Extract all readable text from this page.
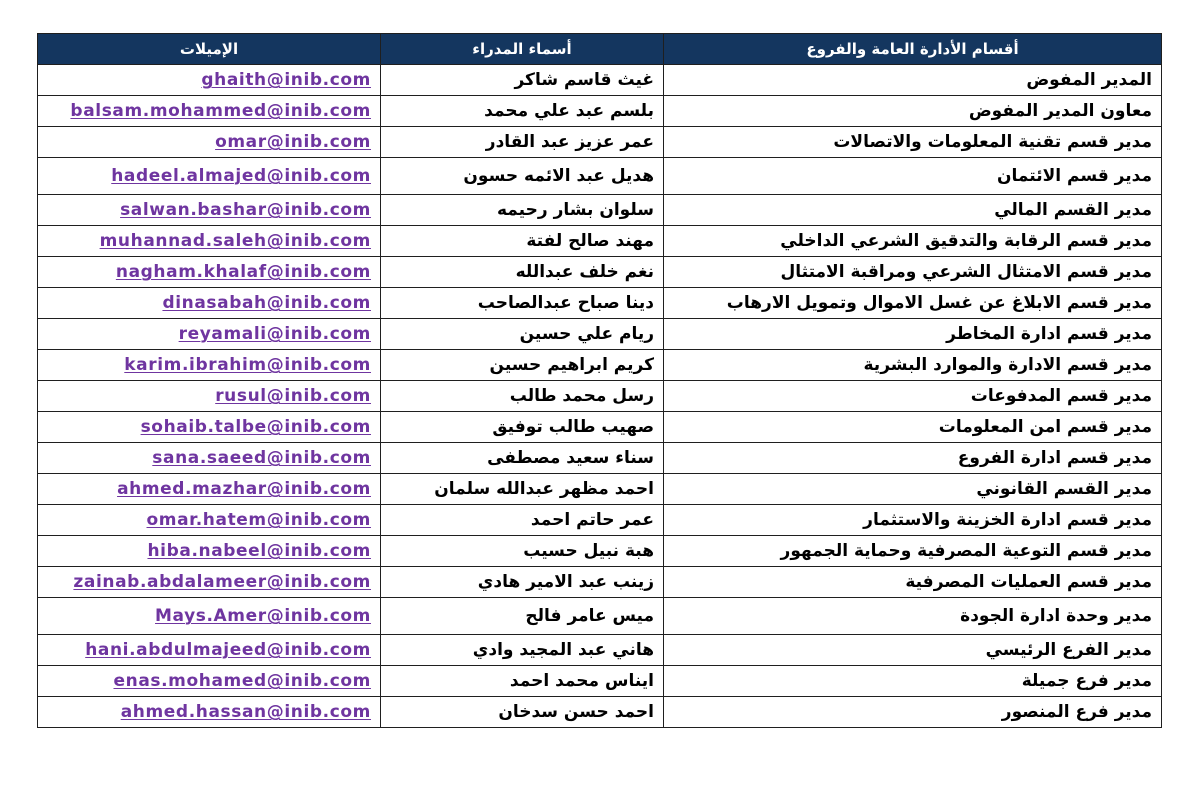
الإميلات	أسماء المدراء	أقسام الأدارة العامة والفروع
ghaith@inib.com	غيث قاسم شاكر	المدير المفوض
balsam.mohammed@inib.com	بلسم عبد علي محمد	معاون المدير المفوض
omar@inib.com	عمر عزيز عبد القادر	مدير قسم تقنية المعلومات والاتصالات
hadeel.almajed@inib.com	هديل عبد الائمه حسون	مدير قسم الائتمان
salwan.bashar@inib.com	سلوان بشار رحيمه	مدير القسم المالي
muhannad.saleh@inib.com	مهند صالح لفتة	مدير قسم الرقابة والتدقيق الشرعي الداخلي
nagham.khalaf@inib.com	نغم خلف عبدالله	مدير قسم الامتثال الشرعي ومراقبة الامتثال
dinasabah@inib.com	دينا صباح عبدالصاحب	مدير قسم الابلاغ عن غسل الاموال وتمويل الارهاب
reyamali@inib.com	ريام علي حسين	مدير قسم ادارة المخاطر
karim.ibrahim@inib.com	كريم ابراهيم حسين	مدير قسم الادارة والموارد البشرية
rusul@inib.com	رسل محمد طالب	مدير قسم المدفوعات
sohaib.talbe@inib.com	صهيب طالب توفيق	مدير قسم امن المعلومات
sana.saeed@inib.com	سناء سعيد مصطفى	مدير قسم ادارة الفروع
ahmed.mazhar@inib.com	احمد مظهر عبدالله سلمان	مدير القسم القانوني
omar.hatem@inib.com	عمر حاتم احمد	مدير قسم ادارة الخزينة والاستثمار
hiba.nabeel@inib.com	هبة نبيل حسيب	مدير قسم التوعية المصرفية وحماية الجمهور
zainab.abdalameer@inib.com	زينب عبد الامير هادي	مدير قسم العمليات المصرفية
Mays.Amer@inib.com	ميس عامر فالح	مدير وحدة ادارة الجودة
hani.abdulmajeed@inib.com	هاني عبد المجيد وادي	مدير الفرع الرئيسي
enas.mohamed@inib.com	ايناس محمد احمد	مدير فرع جميلة
ahmed.hassan@inib.com	احمد حسن سدخان	مدير فرع المنصور
